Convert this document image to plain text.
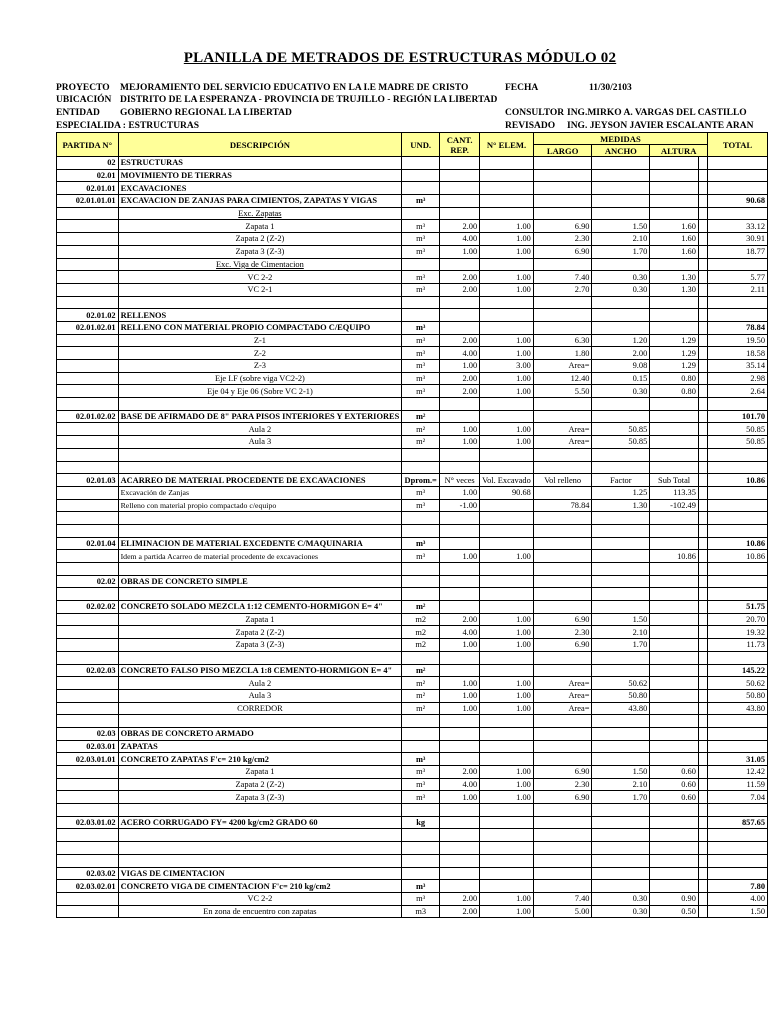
PLANILLA DE METRADOS DE ESTRUCTURAS MÓDULO 02
PROYECTO MEJORAMIENTO DEL SERVICIO EDUCATIVO EN LA I.E MADRE DE CRISTO	FECHA	11/30/2103
UBICACIÓN DISTRITO DE LA ESPERANZA - PROVINCIA DE TRUJILLO - REGIÓN LA LIBERTAD
ENTIDAD GOBIERNO REGIONAL LA LIBERTAD	CONSULTOR ING.MIRKO A. VARGAS DEL CASTILLO
ESPECIALIDA : ESTRUCTURAS	REVISADO ING. JEYSON JAVIER ESCALANTE ARAN
PARTIDA N°	DESCRIPCIÓN	UND.	CANT. REP.	N° ELEM.	MEDIDAS				TOTAL
					LARGO	ANCHO	ALTURA		
02	ESTRUCTURAS								
02.01	MOVIMIENTO DE TIERRAS								
02.01.01	EXCAVACIONES								
02.01.01.01	EXCAVACION DE ZANJAS PARA CIMIENTOS, ZAPATAS Y VIGAS	m³							90.68
	Exc. Zapatas								
	Zapata 1	m³	2.00	1.00	6.90	1.50	1.60		33.12
	Zapata 2 (Z-2)	m³	4.00	1.00	2.30	2.10	1.60		30.91
	Zapata 3 (Z-3)	m³	1.00	1.00	6.90	1.70	1.60		18.77
	Exc. Viga de Cimentacion								
	VC 2-2	m³	2.00	1.00	7.40	0.30	1.30		5.77
	VC 2-1	m³	2.00	1.00	2.70	0.30	1.30		2.11

02.01.02	RELLENOS								
02.01.02.01	RELLENO CON MATERIAL PROPIO COMPACTADO C/EQUIPO	m³							78.84
	Z-1	m³	2.00	1.00	6.30	1.20	1.29		19.50
	Z-2	m³	4.00	1.00	1.80	2.00	1.29		18.58
	Z-3	m³	1.00	3.00	Area=	9.08	1.29		35.14
	Eje I.F (sobre viga VC2-2)	m³	2.00	1.00	12.40	0.15	0.80		2.98
	Eje 04 y Eje 06 (Sobre VC 2-1)	m³	2.00	1.00	5.50	0.30	0.80		2.64

02.01.02.02	BASE DE AFIRMADO DE 8" PARA PISOS INTERIORES Y EXTERIORES	m²							101.70
	Aula 2	m²	1.00	1.00	Area=	50.85			50.85
	Aula 3	m²	1.00	1.00	Area=	50.85			50.85

02.01.03	ACARREO DE MATERIAL PROCEDENTE DE EXCAVACIONES	Dprom.=	N° veces	Vol. Excavado	Vol relleno	Factor	Sub Total		10.86
	Excavación de Zanjas	m³	1.00	90.68		1.25	113.35		
	Relleno con material propio compactado c/equipo	m³	-1.00		78.84	1.30	-102.49		

02.01.04	ELIMINACION DE MATERIAL EXCEDENTE C/MAQUINARIA	m³							10.86
	Idem a partida Acarreo de material procedente de excavaciones	m³	1.00	1.00			10.86		10.86

02.02	OBRAS DE CONCRETO SIMPLE								

02.02.02	CONCRETO SOLADO MEZCLA 1:12 CEMENTO-HORMIGON E= 4"	m²							51.75
	Zapata 1	m2	2.00	1.00	6.90	1.50			20.70
	Zapata 2 (Z-2)	m2	4.00	1.00	2.30	2.10			19.32
	Zapata 3 (Z-3)	m2	1.00	1.00	6.90	1.70			11.73

02.02.03	CONCRETO FALSO PISO MEZCLA 1:8 CEMENTO-HORMIGON E= 4"	m²							145.22
	Aula 2	m²	1.00	1.00	Area=	50.62			50.62
	Aula 3	m²	1.00	1.00	Area=	50.80			50.80
	CORREDOR	m²	1.00	1.00	Area=	43.80			43.80

02.03	OBRAS DE CONCRETO ARMADO								
02.03.01	ZAPATAS								
02.03.01.01	CONCRETO ZAPATAS F'c= 210 kg/cm2	m³							31.05
	Zapata 1	m³	2.00	1.00	6.90	1.50	0.60		12.42
	Zapata 2 (Z-2)	m³	4.00	1.00	2.30	2.10	0.60		11.59
	Zapata 3 (Z-3)	m³	1.00	1.00	6.90	1.70	0.60		7.04

02.03.01.02	ACERO CORRUGADO FY= 4200 kg/cm2 GRADO 60	kg							857.65

02.03.02	VIGAS DE CIMENTACION								
02.03.02.01	CONCRETO VIGA DE CIMENTACION F'c= 210 kg/cm2	m³							7.80
	VC 2-2	m³	2.00	1.00	7.40	0.30	0.90		4.00
	En zona de encuentro con zapatas	m3	2.00	1.00	5.00	0.30	0.50		1.50
